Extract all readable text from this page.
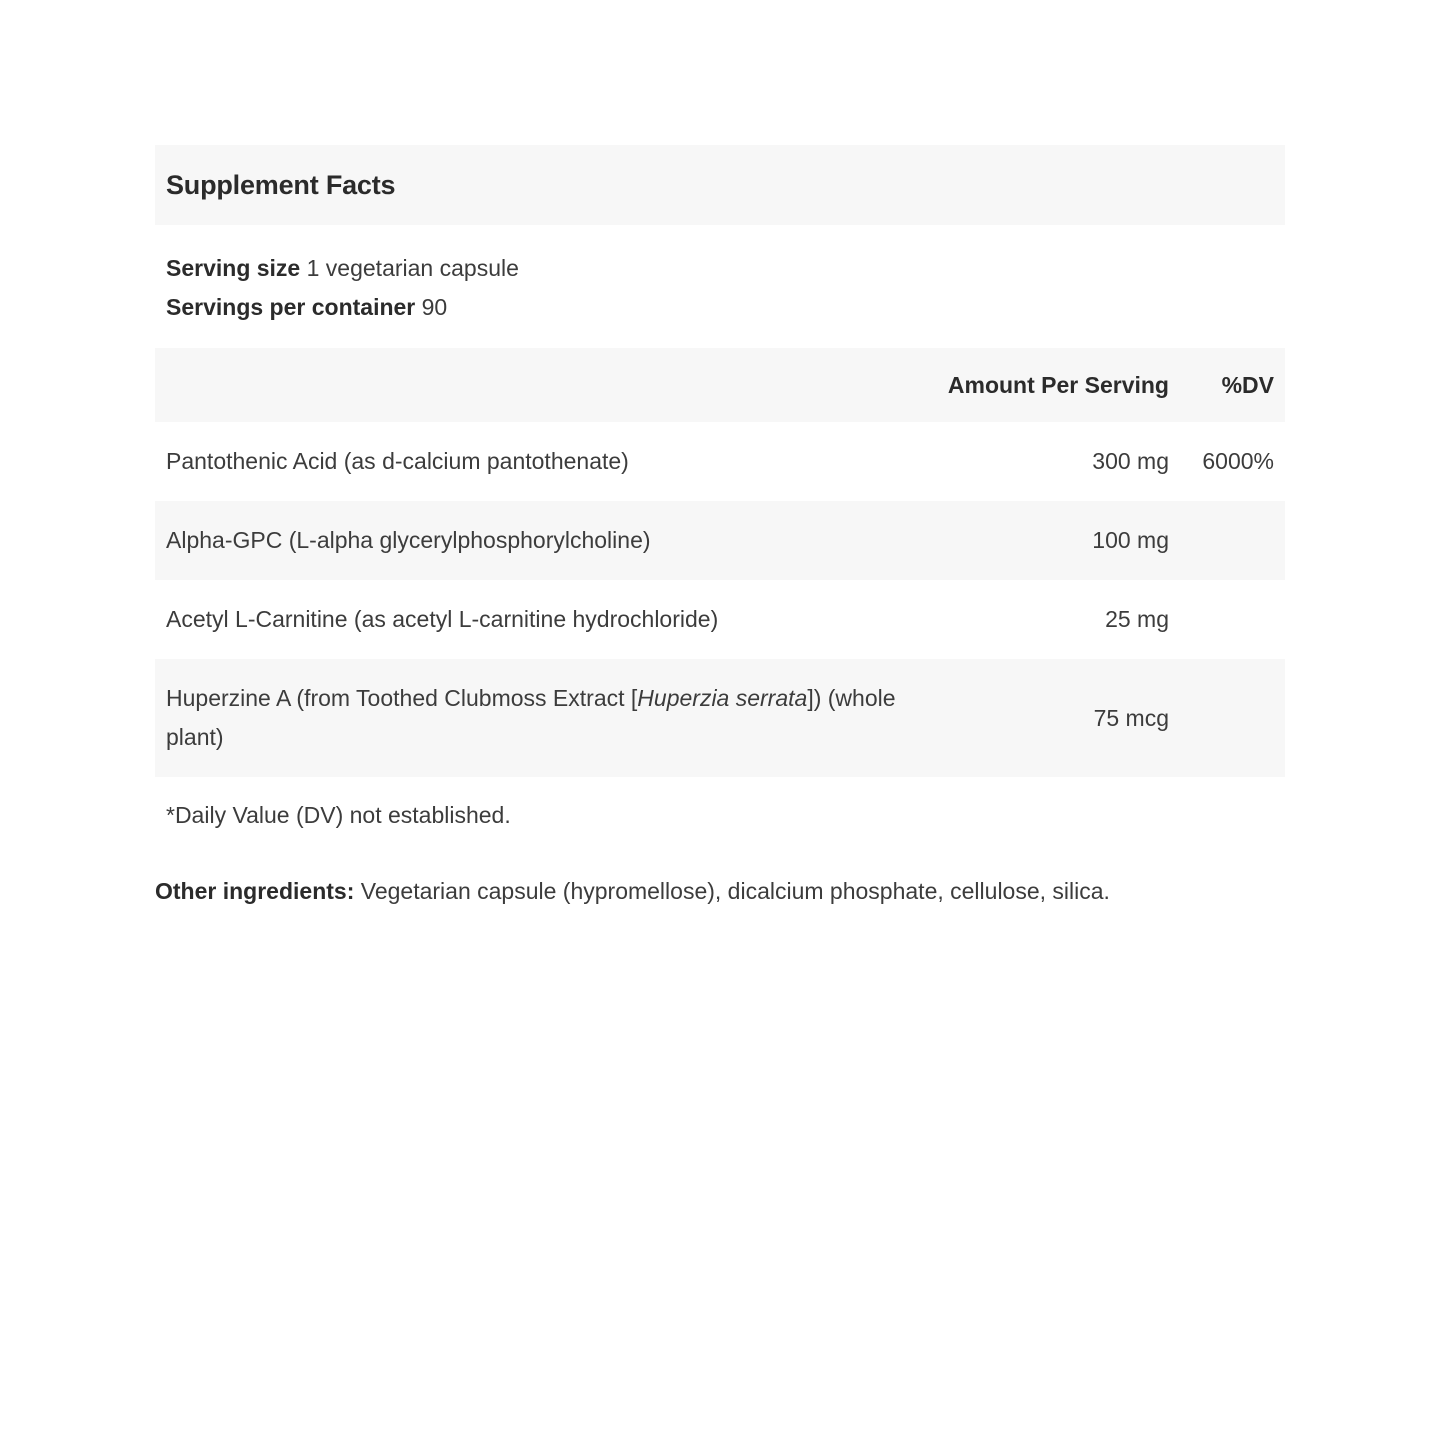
Supplement Facts
Serving size 1 vegetarian capsule
Servings per container 90
	Amount Per Serving	%DV
Pantothenic Acid (as d-calcium pantothenate)	300 mg	6000%
Alpha-GPC (L-alpha glycerylphosphorylcholine)	100 mg	
Acetyl L-Carnitine (as acetyl L-carnitine hydrochloride)	25 mg	
Huperzine A (from Toothed Clubmoss Extract [Huperzia serrata]) (whole plant)	75 mcg	
*Daily Value (DV) not established.
Other ingredients: Vegetarian capsule (hypromellose), dicalcium phosphate, cellulose, silica.
